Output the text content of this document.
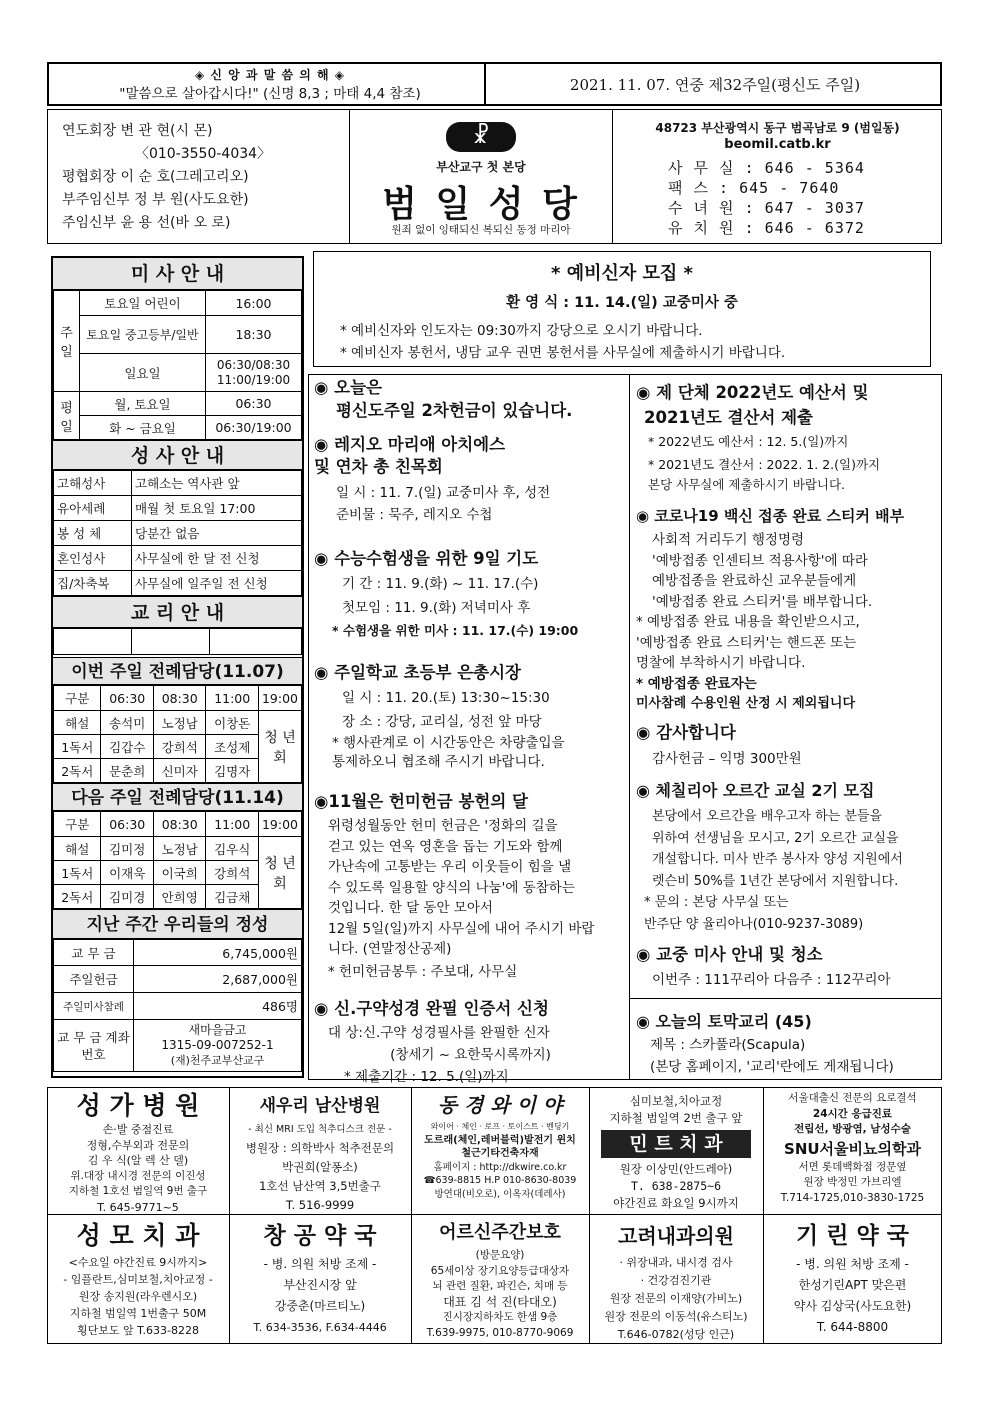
◈ 신 앙 과 말 씀 의 해 ◈
"말씀으로 살아갑시다!" (신명 8,3 ; 마태 4,4 참조)	2021. 11. 07. 연중 제32주일(평신도 주일)
연도회장 변 관 현(시 몬)
〈010-3550-4034〉
평협회장 이 순 호(그레고리오)
부주임신부 정 부 원(사도요한)
주임신부 윤 용 선(바 오 로)
☧
부산교구 첫 본당
범 일 성 당
원죄 없이 잉태되신 복되신 동정 마리아
48723 부산광역시 동구 범곡남로 9 (범일동)
beomil.catb.kr
사 무 실 : 646 - 5364
팩 스 : 645 - 7640
수 녀 원 : 647 - 3037
유 치 원 : 646 - 6372
미 사 안 내
주 일	토요일 어린이	16:00
	토요일 중고등부/일반	18:30
	일요일	06:30/08:30 11:00/19:00
평 일	월, 토요일	06:30
	화 ~ 금요일	06:30/19:00
성 사 안 내
고해성사	고해소는 역사관 앞
유아세례	매월 첫 토요일 17:00
봉 성 체	당분간 없음
혼인성사	사무실에 한 달 전 신청
집/차축복	사무실에 일주일 전 신청
교 리 안 내

이번 주일 전례담당(11.07)
구분	06:30	08:30	11:00	19:00
해설	송석미	노정남	이창돈	청 년 회
1독서	김갑수	강희석	조성제	
2독서	문춘희	신미자	김명자	
다음 주일 전례담당(11.14)
구분	06:30	08:30	11:00	19:00
해설	김미정	노정남	김우식	청 년 회
1독서	이재욱	이국희	강희석	
2독서	김미경	안희영	김금채	
지난 주간 우리들의 정성
교 무 금	6,745,000원
주일헌금	2,687,000원
주일미사참례	486명
교 무 금 계좌번호	새마을금고
1315-09-007252-1
(재)천주교부산교구
* 예비신자 모집 *
환 영 식 : 11. 14.(일) 교중미사 중
* 예비신자와 인도자는 09:30까지 강당으로 오시기 바랍니다.
* 예비신자 봉헌서, 냉담 교우 권면 봉헌서를 사무실에 제출하시기 바랍니다.
◉ 오늘은
평신도주일 2차헌금이 있습니다.
◉ 레지오 마리애 아치에스
및 연차 총 친목회
일 시 : 11. 7.(일) 교중미사 후, 성전
준비물 : 묵주, 레지오 수첩
◉ 수능수험생을 위한 9일 기도
기 간 : 11. 9.(화) ~ 11. 17.(수)
첫모임 : 11. 9.(화) 저녁미사 후
* 수험생을 위한 미사 : 11. 17.(수) 19:00
◉ 주일학교 초등부 은총시장
일 시 : 11. 20.(토) 13:30~15:30
장 소 : 강당, 교리실, 성전 앞 마당
* 행사관계로 이 시간동안은 차량출입을
통제하오니 협조해 주시기 바랍니다.
◉11월은 헌미헌금 봉헌의 달
위령성월동안 헌미 헌금은 '정화의 길을
걷고 있는 연옥 영혼을 돕는 기도와 함께
가난속에 고통받는 우리 이웃들이 힘을 낼
수 있도록 일용할 양식의 나눔'에 동참하는
것입니다. 한 달 동안 모아서
12월 5일(일)까지 사무실에 내어 주시기 바랍
니다. (연말정산공제)
* 헌미헌금봉투 : 주보대, 사무실
◉ 신.구약성경 완필 인증서 신청
대 상:신.구약 성경필사를 완필한 신자
(창세기 ~ 요한묵시록까지)
* 제출기간 : 12. 5.(일)까지
◉ 제 단체 2022년도 예산서 및
2021년도 결산서 제출
* 2022년도 예산서 : 12. 5.(일)까지
* 2021년도 결산서 : 2022. 1. 2.(일)까지
본당 사무실에 제출하시기 바랍니다.
◉ 코로나19 백신 접종 완료 스티커 배부
사회적 거리두기 행정명령
'예방접종 인센티브 적용사항'에 따라
예방접종을 완료하신 교우분들에게
'예방접종 완료 스티커'를 배부합니다.
* 예방접종 완료 내용을 확인받으시고,
'예방접종 완료 스티커'는 핸드폰 또는
명찰에 부착하시기 바랍니다.
* 예방접종 완료자는
미사참례 수용인원 산정 시 제외됩니다
◉ 감사합니다
감사헌금 – 익명 300만원
◉ 체칠리아 오르간 교실 2기 모집
본당에서 오르간을 배우고자 하는 분들을
위하여 선생님을 모시고, 2기 오르간 교실을
개설합니다. 미사 반주 봉사자 양성 지원에서
렛슨비 50%를 1년간 본당에서 지원합니다.
* 문의 : 본당 사무실 또는
반주단 양 율리아나(010-9237-3089)
◉ 교중 미사 안내 및 청소
이번주 : 111꾸리아 다음주 : 112꾸리아
◉ 오늘의 토막교리 (45)
제목 : 스카풀라(Scapula)
(본당 홈페이지, '교리'란에도 게재됩니다)
성 가 병 원
손·발 중점진료
정형,수부외과 전문의
김 우 식(알 렉 산 델)
위.대장 내시경 전문의 이진성
지하철 1호선 범일역 9번 출구
T. 645-9771~5
새우리 남산병원
- 최신 MRI 도입 척추디스크 전문 -
병원장 : 의학박사 척추전문의
박권희(알퐁소)
1호선 남산역 3,5번출구
T. 516-9999
동 경 와 이 야
와이어 · 체인 · 로프 · 토이스트 · 벤딩기
도르래(체인,레버블럭)발전기 윈치
철근기타건축자재
홈페이지 : http://dkwire.co.kr
☎639-8815 H.P 010-8630-8039
방연대(비오로), 이옥자(데레사)
심미보철,치아교정
지하철 범일역 2번 출구 앞
민 트 치 과
원장 이상민(안드레아)
T. 638-2875~6
야간진료 화요일 9시까지
서울대출신 전문의 요로결석
24시간 응급진료
전립선, 방광염, 남성수술
SNU서울비뇨의학과
서면 롯데백화점 정문옆
원장 박정민 가브리엘
T.714-1725,010-3830-1725
성 모 치 과
<수요일 야간진료 9시까지>
- 임플란트,심미보철,치아교정 -
원장 송지원(라우렌시오)
지하철 범일역 1번출구 50M
횡단보도 앞 T.633-8228
창 공 약 국
- 병. 의원 처방 조제 -
부산진시장 앞
강중춘(마르티노)
T. 634-3536, F.634-4446
어르신주간보호
(방문요양)
65세이상 장기요양등급대상자
뇌 관련 질환, 파킨슨, 치매 등
대표 김 석 진(타대오)
진시장지하차도 한샘 9층
T.639-9975, 010-8770-9069
고려내과의원
· 위장내과, 내시경 검사
· 건강검진기관
원장 전문의 이재양(가비노)
원장 전문의 이동석(유스티노)
T.646-0782(성당 인근)
기 린 약 국
- 병. 의원 처방 조제 -
한성기린APT 맞은편
약사 김상국(사도요한)
T. 644-8800
